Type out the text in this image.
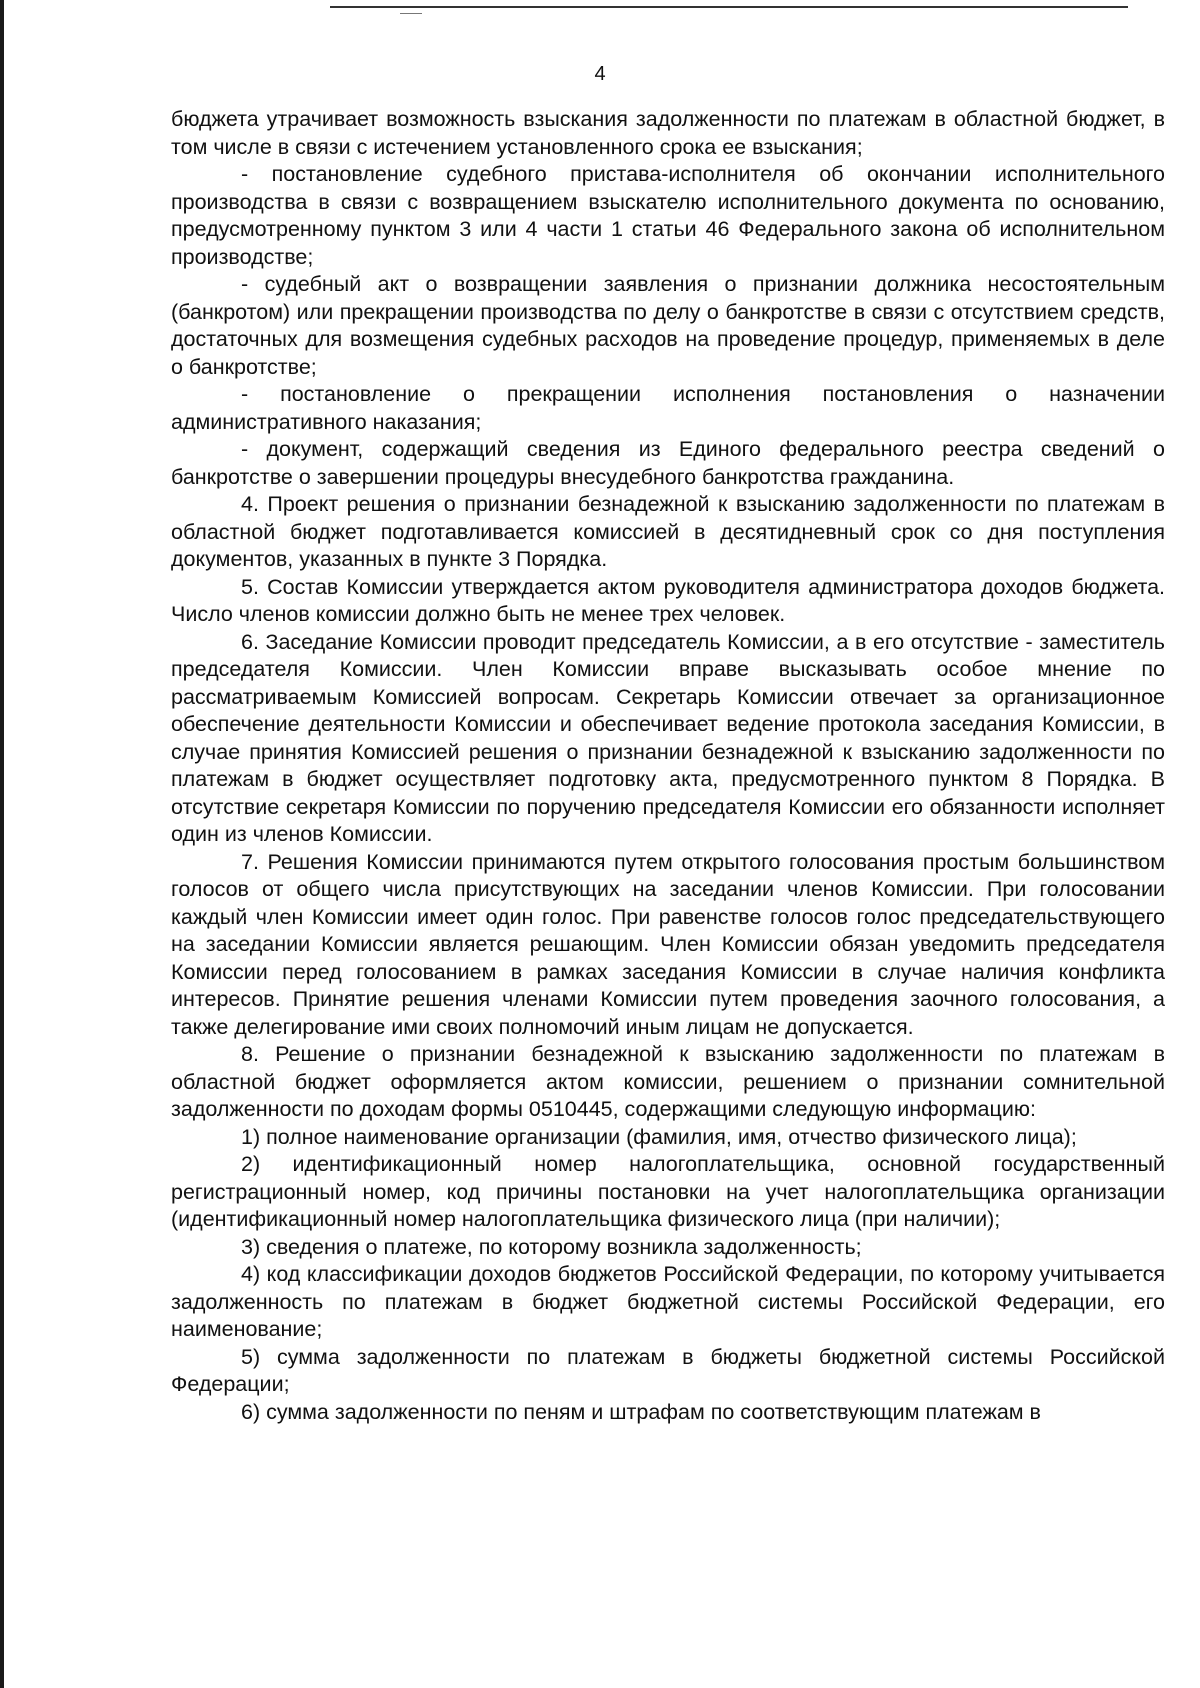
4

бюджета утрачивает возможность взыскания задолженности по платежам в областной бюджет, в том числе в связи с истечением установленного срока ее взыскания;

- постановление судебного пристава-исполнителя об окончании исполнительного производства в связи с возвращением взыскателю исполнительного документа по основанию, предусмотренному пунктом 3 или 4 части 1 статьи 46 Федерального закона об исполнительном производстве;

- судебный акт о возвращении заявления о признании должника несостоятельным (банкротом) или прекращении производства по делу о банкротстве в связи с отсутствием средств, достаточных для возмещения судебных расходов на проведение процедур, применяемых в деле о банкротстве;

- постановление о прекращении исполнения постановления о назначении административного наказания;

- документ, содержащий сведения из Единого федерального реестра сведений о банкротстве о завершении процедуры внесудебного банкротства гражданина.

4. Проект решения о признании безнадежной к взысканию задолженности по платежам в областной бюджет подготавливается комиссией в десятидневный срок со дня поступления документов, указанных в пункте 3 Порядка.

5. Состав Комиссии утверждается актом руководителя администратора доходов бюджета. Число членов комиссии должно быть не менее трех человек.

6. Заседание Комиссии проводит председатель Комиссии, а в его отсутствие - заместитель председателя Комиссии. Член Комиссии вправе высказывать особое мнение по рассматриваемым Комиссией вопросам. Секретарь Комиссии отвечает за организационное обеспечение деятельности Комиссии и обеспечивает ведение протокола заседания Комиссии, в случае принятия Комиссией решения о признании безнадежной к взысканию задолженности по платежам в бюджет осуществляет подготовку акта, предусмотренного пунктом 8 Порядка. В отсутствие секретаря Комиссии по поручению председателя Комиссии его обязанности исполняет один из членов Комиссии.

7. Решения Комиссии принимаются путем открытого голосования простым большинством голосов от общего числа присутствующих на заседании членов Комиссии. При голосовании каждый член Комиссии имеет один голос. При равенстве голосов голос председательствующего на заседании Комиссии является решающим. Член Комиссии обязан уведомить председателя Комиссии перед голосованием в рамках заседания Комиссии в случае наличия конфликта интересов. Принятие решения членами Комиссии путем проведения заочного голосования, а также делегирование ими своих полномочий иным лицам не допускается.

8. Решение о признании безнадежной к взысканию задолженности по платежам в областной бюджет оформляется актом комиссии, решением о признании сомнительной задолженности по доходам формы 0510445, содержащими следующую информацию:

1) полное наименование организации (фамилия, имя, отчество физического лица);

2) идентификационный номер налогоплательщика, основной государственный регистрационный номер, код причины постановки на учет налогоплательщика организации (идентификационный номер налогоплательщика физического лица (при наличии);

3) сведения о платеже, по которому возникла задолженность;

4) код классификации доходов бюджетов Российской Федерации, по которому учитывается задолженность по платежам в бюджет бюджетной системы Российской Федерации, его наименование;

5) сумма задолженности по платежам в бюджеты бюджетной системы Российской Федерации;

6) сумма задолженности по пеням и штрафам по соответствующим платежам в
